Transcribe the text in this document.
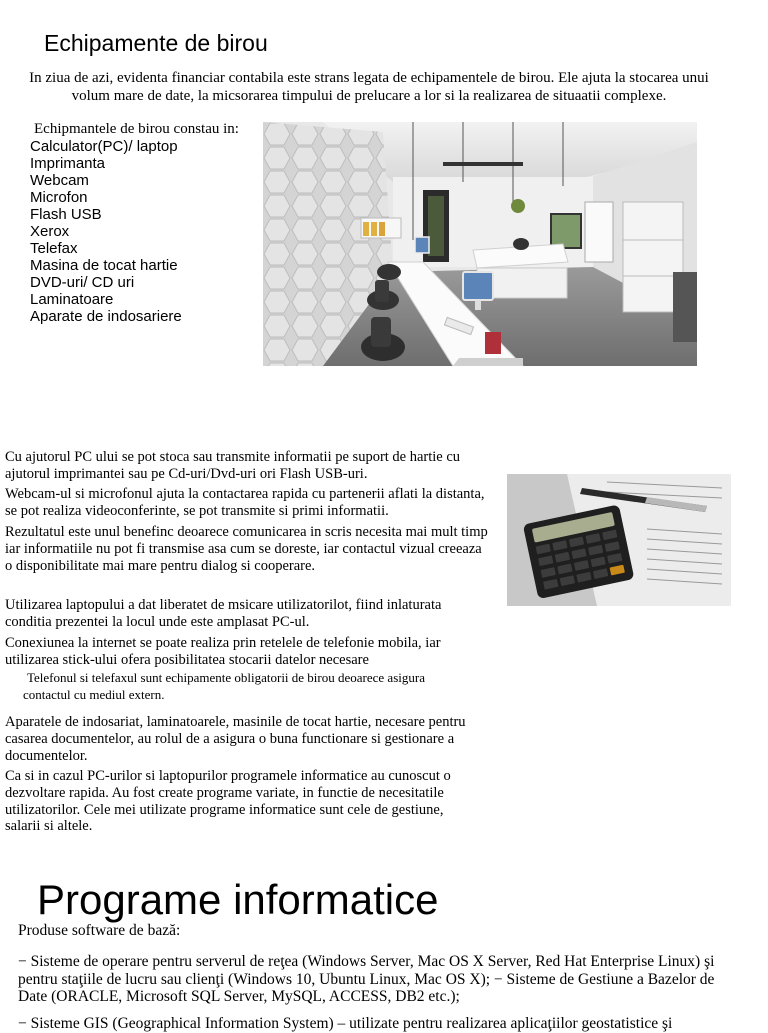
Echipamente de birou
In ziua de azi, evidenta financiar contabila este strans legata de echipamentele de birou. Ele ajuta la stocarea unui volum mare de date, la micsorarea timpului de prelucare a lor si la realizarea de situaatii complexe.
Echipmantele de birou constau in:
Calculator(PC)/ laptop
Imprimanta
Webcam
Microfon
Flash USB
Xerox
Telefax
Masina de tocat hartie
DVD-uri/ CD uri
Laminatoare
Aparate de indosariere
Cu ajutorul PC ului se pot stoca sau transmite informatii pe suport de hartie cu ajutorul imprimantei sau pe Cd-uri/Dvd-uri ori Flash USB-uri.
Webcam-ul si microfonul ajuta la contactarea rapida cu partenerii aflati la distanta, se pot realiza videoconferinte, se pot transmite si primi informatii.
Rezultatul este unul benefinc deoarece comunicarea in scris necesita mai mult timp iar informatiile nu pot fi transmise asa cum se doreste, iar contactul vizual creeaza o disponibilitate mai mare pentru dialog si cooperare.
Utilizarea laptopului a dat liberatet de msicare utilizatorilot, fiind inlaturata conditia prezentei la locul unde este amplasat PC-ul.
Conexiunea la internet se poate realiza prin retelele de telefonie mobila, iar utilizarea stick-ului ofera posibilitatea stocarii datelor necesare
Telefonul si telefaxul sunt echipamente obligatorii de birou deoarece asigura contactul cu mediul extern.
Aparatele de indosariat, laminatoarele, masinile de tocat hartie, necesare pentru casarea documentelor, au rolul de a asigura o buna functionare si gestionare a documentelor.
Ca si in cazul PC-urilor si laptopurilor programele informatice au cunoscut o dezvoltare rapida. Au fost create programe variate, in functie de necesitatile utilizatorilor. Cele mei utilizate programe informatice sunt cele de gestiune, salarii si altele.
Programe informatice
Produse software de bază:
− Sisteme de operare pentru serverul de reţea (Windows Server, Mac OS X Server, Red Hat Enterprise Linux) şi pentru staţiile de lucru sau clienţi (Windows 10, Ubuntu Linux, Mac OS X); − Sisteme de Gestiune a Bazelor de Date (ORACLE, Microsoft SQL Server, MySQL, ACCESS, DB2 etc.);
− Sisteme GIS (Geographical Information System) – utilizate pentru realizarea aplicaţiilor geostatistice şi
